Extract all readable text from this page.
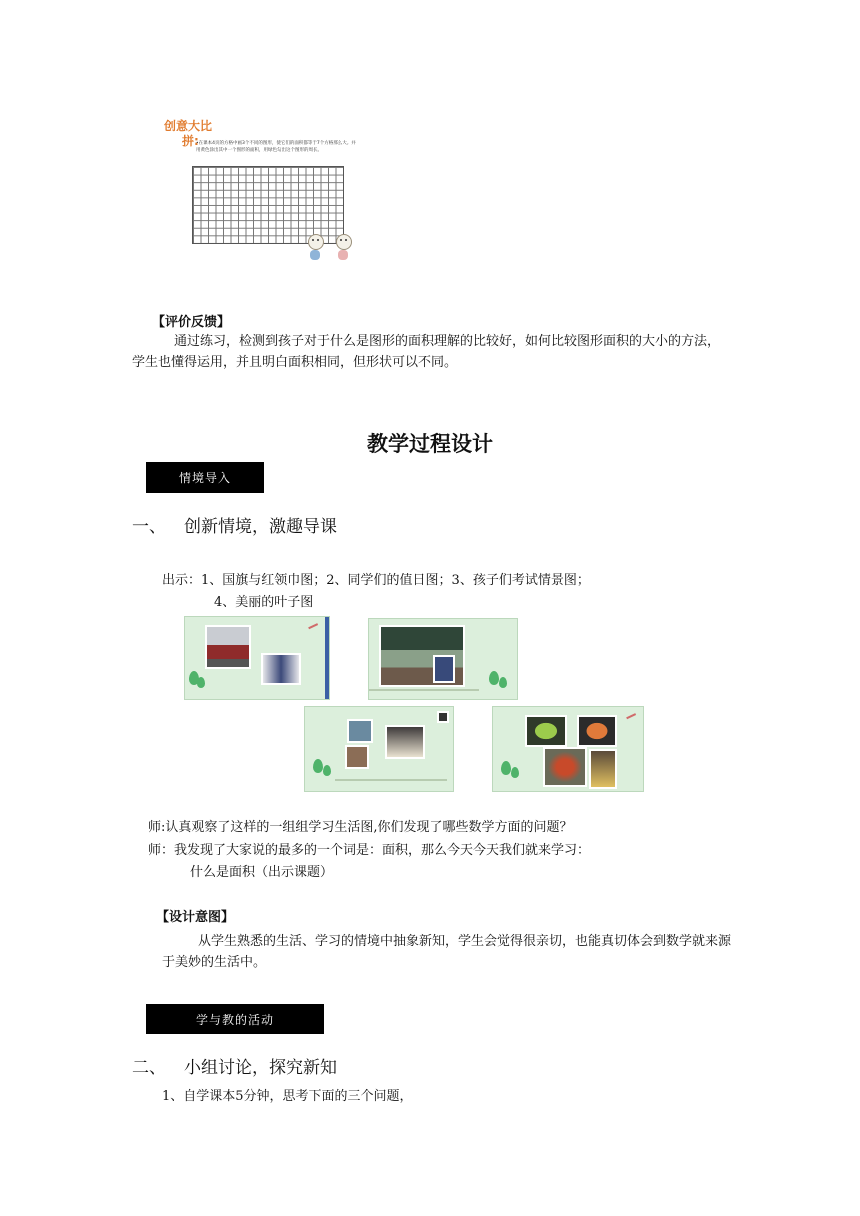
创意大比
拼:
•在课本4页的方格中画3个不同的图形，使它们的面积都等于7个方格那么大。并用黄色涂出其中一个图形的面积，用绿色勾出这个图形的周长。
【评价反馈】
通过练习，检测到孩子对于什么是图形的面积理解的比较好，如何比较图形面积的大小的方法，学生也懂得运用，并且明白面积相同，但形状可以不同。
教学过程设计
情境导入
一、 创新情境，激趣导课
出示：1、国旗与红领巾图；2、同学们的值日图；3、孩子们考试情景图；
4、美丽的叶子图
师:认真观察了这样的一组组学习生活图,你们发现了哪些数学方面的问题？
师：我发现了大家说的最多的一个词是：面积，那么今天今天我们就来学习：
什么是面积（出示课题）
【设计意图】
从学生熟悉的生活、学习的情境中抽象新知，学生会觉得很亲切，也能真切体会到数学就来源于美妙的生活中。
学与教的活动
二、 小组讨论，探究新知
1、自学课本5分钟，思考下面的三个问题，
